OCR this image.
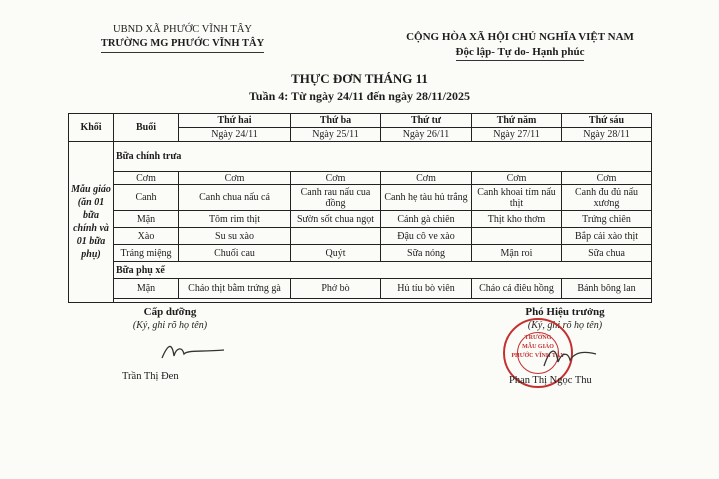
UBND XÃ PHƯỚC VĨNH TÂY
TRƯỜNG MG PHƯỚC VĨNH TÂY
CỘNG HÒA XÃ HỘI CHỦ NGHĨA VIỆT NAM
Độc lập- Tự do- Hạnh phúc
THỰC ĐƠN THÁNG 11
Tuần 4: Từ ngày 24/11 đến ngày 28/11/2025
Khối	Buổi	Thứ hai	Thứ ba	Thứ tư	Thứ năm	Thứ sáu
		Ngày 24/11	Ngày 25/11	Ngày 26/11	Ngày 27/11	Ngày 28/11
Mẫu giáo (ăn 01 bữa chính và 01 bữa phụ)	Bữa chính trưa					
	Cơm	Cơm	Cơm	Cơm	Cơm	Cơm
	Canh	Canh chua nấu cá	Canh rau nấu cua đồng	Canh hẹ tàu hủ trắng	Canh khoai tím nấu thịt	Canh đu đủ nấu xương
	Mặn	Tôm rim thịt	Sườn sốt chua ngọt	Cánh gà chiên	Thịt kho thơm	Trứng chiên
	Xào	Su su xào		Đậu cô ve xào		Bắp cải xào thịt
	Tráng miệng	Chuối cau	Quýt	Sữa nóng	Mận roi	Sữa chua
	Bữa phụ xế					
	Mặn	Cháo thịt bằm trứng gà	Phở bò	Hủ tíu bò viên	Cháo cá điêu hồng	Bánh bông lan

Cấp dưỡng
(Ký, ghi rõ họ tên)
Trần Thị Đen
Phó Hiệu trưởng
(Ký, ghi rõ họ tên)
TRƯỜNG
MẪU GIÁO
PHƯỚC VĨNH TÂY
Phan Thị Ngọc Thu
